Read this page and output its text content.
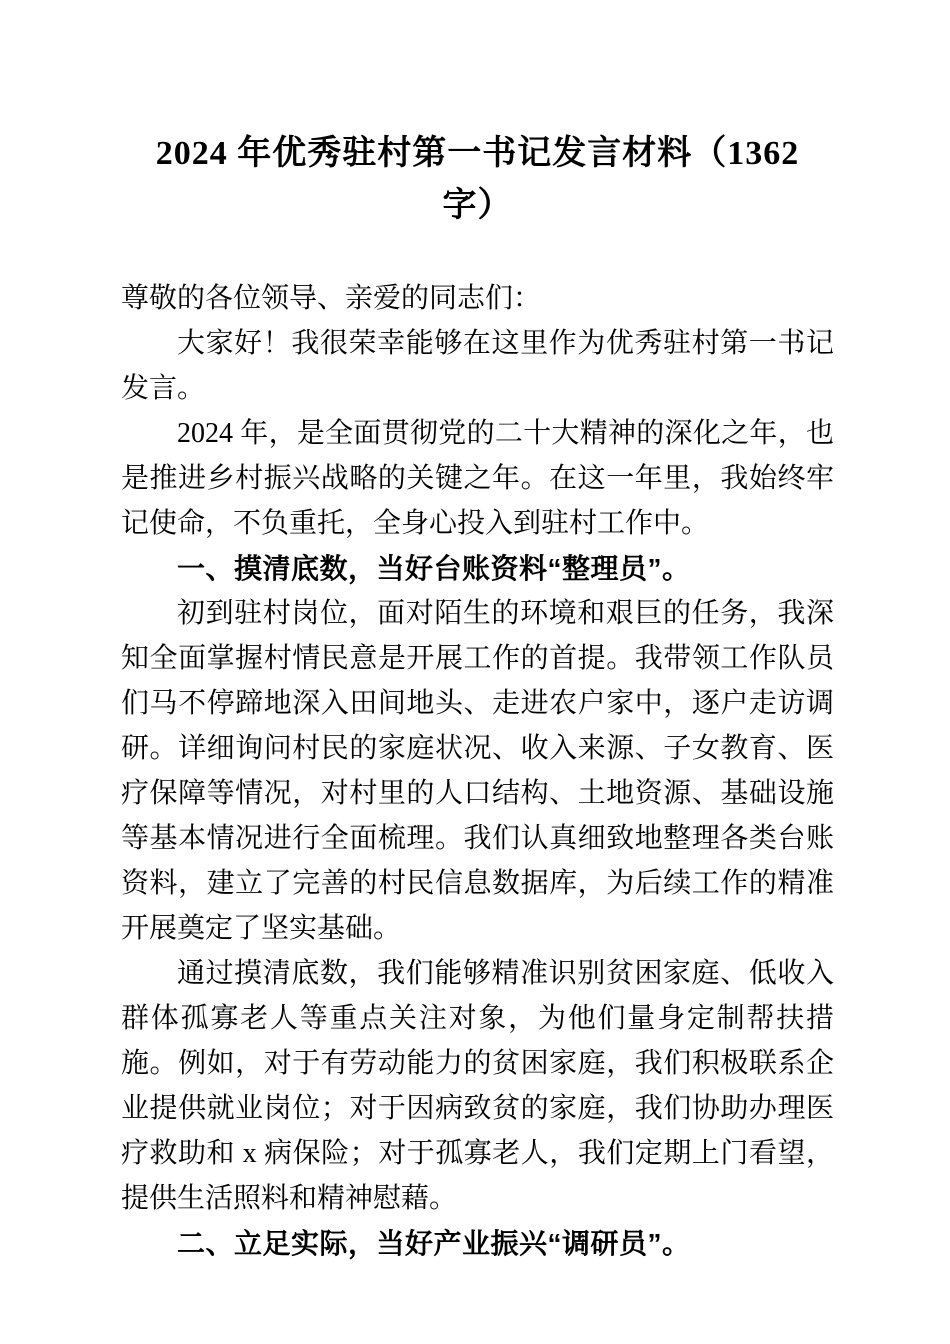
2024 年优秀驻村第一书记发言材料（1362
字）

尊敬的各位领导、亲爱的同志们：

大家好！我很荣幸能够在这里作为优秀驻村第一书记发言。

2024 年，是全面贯彻党的二十大精神的深化之年，也是推进乡村振兴战略的关键之年。在这一年里，我始终牢记使命，不负重托，全身心投入到驻村工作中。

一、摸清底数，当好台账资料“整理员”。

初到驻村岗位，面对陌生的环境和艰巨的任务，我深知全面掌握村情民意是开展工作的首提。我带领工作队员们马不停蹄地深入田间地头、走进农户家中，逐户走访调研。详细询问村民的家庭状况、收入来源、子女教育、医疗保障等情况，对村里的人口结构、土地资源、基础设施等基本情况进行全面梳理。我们认真细致地整理各类台账资料，建立了完善的村民信息数据库，为后续工作的精准开展奠定了坚实基础。

通过摸清底数，我们能够精准识别贫困家庭、低收入群体孤寡老人等重点关注对象，为他们量身定制帮扶措施。例如，对于有劳动能力的贫困家庭，我们积极联系企业提供就业岗位；对于因病致贫的家庭，我们协助办理医疗救助和 x 病保险；对于孤寡老人，我们定期上门看望，提供生活照料和精神慰藉。

二、立足实际，当好产业振兴“调研员”。
